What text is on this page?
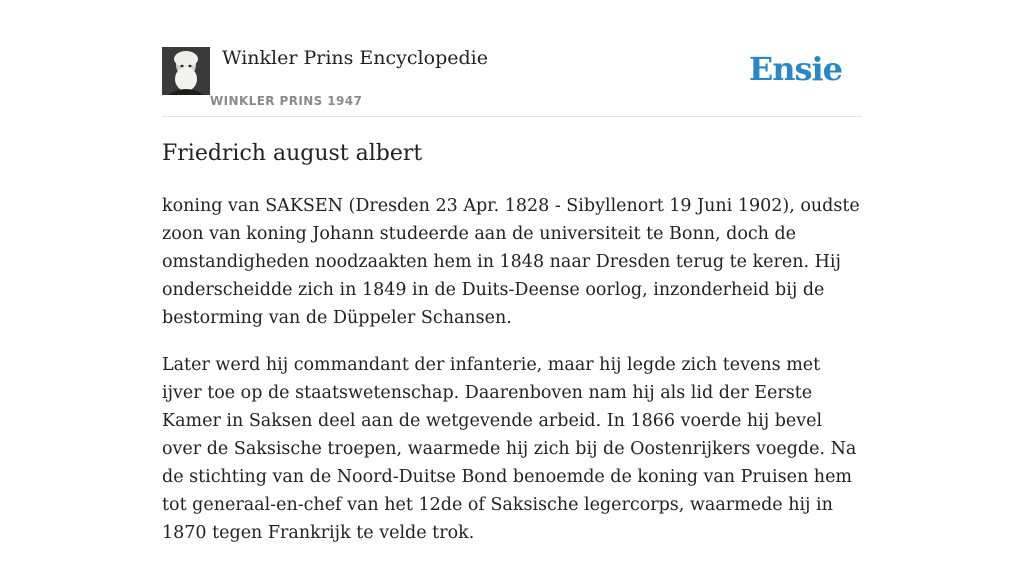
Winkler Prins Encyclopedie
WINKLER PRINS 1947
Ensie
Friedrich august albert

koning van SAKSEN (Dresden 23 Apr. 1828 - Sibyllenort 19 Juni 1902), oudste zoon van koning Johann studeerde aan de universiteit te Bonn, doch de omstandigheden noodzaakten hem in 1848 naar Dresden terug te keren. Hij onderscheidde zich in 1849 in de Duits-Deense oorlog, inzonderheid bij de bestorming van de Düppeler Schansen.

Later werd hij commandant der infanterie, maar hij legde zich tevens met ijver toe op de staatswetenschap. Daarenboven nam hij als lid der Eerste Kamer in Saksen deel aan de wetgevende arbeid. In 1866 voerde hij bevel over de Saksische troepen, waarmede hij zich bij de Oostenrijkers voegde. Na de stichting van de Noord-Duitse Bond benoemde de koning van Pruisen hem tot generaal-en-chef van het 12de of Saksische legercorps, waarmede hij in 1870 tegen Frankrijk te velde trok.
